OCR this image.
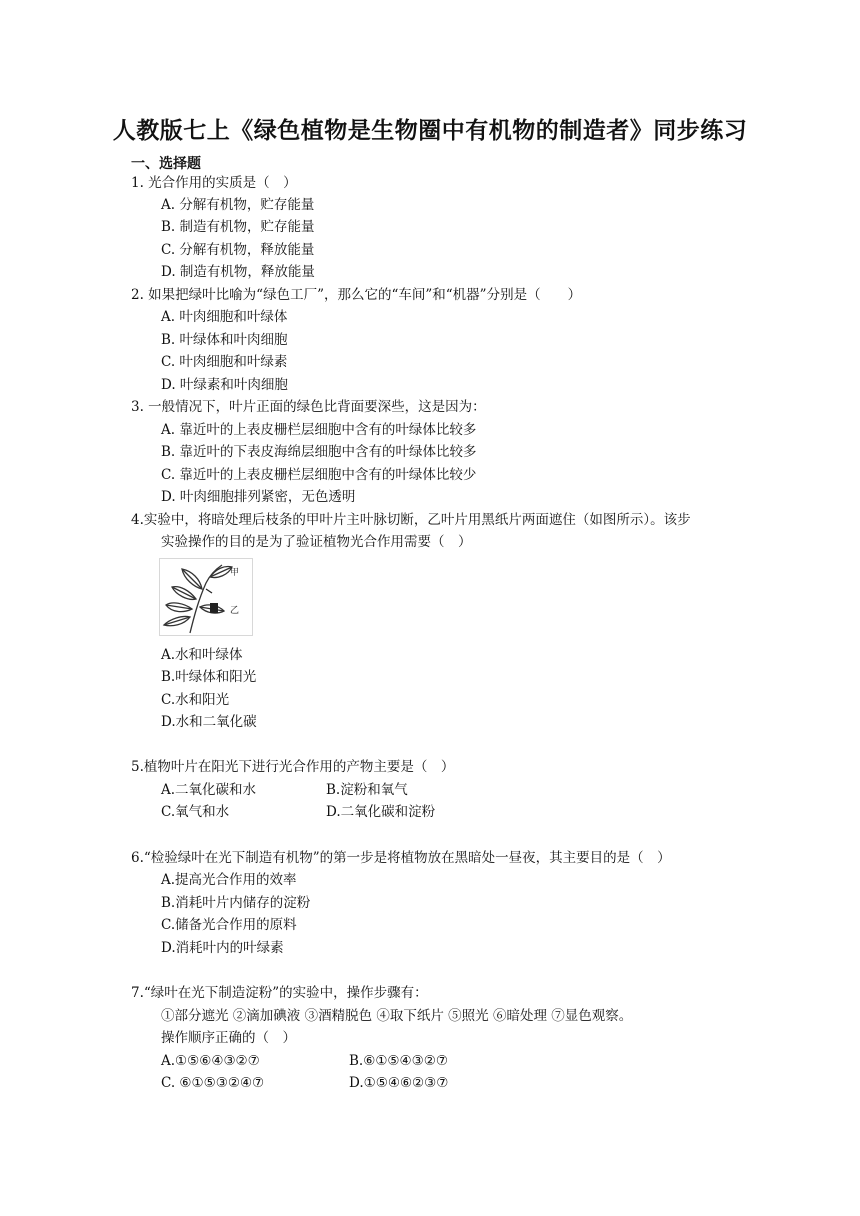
人教版七上《绿色植物是生物圈中有机物的制造者》同步练习
一、选择题
1. 光合作用的实质是（　）
A. 分解有机物，贮存能量
B. 制造有机物，贮存能量
C. 分解有机物，释放能量
D. 制造有机物，释放能量
2. 如果把绿叶比喻为“绿色工厂”，那么它的“车间”和“机器”分别是（　　）
A. 叶肉细胞和叶绿体
B. 叶绿体和叶肉细胞
C. 叶肉细胞和叶绿素
D. 叶绿素和叶肉细胞
3. 一般情况下，叶片正面的绿色比背面要深些，这是因为：
A. 靠近叶的上表皮栅栏层细胞中含有的叶绿体比较多
B. 靠近叶的下表皮海绵层细胞中含有的叶绿体比较多
C. 靠近叶的上表皮栅栏层细胞中含有的叶绿体比较少
D. 叶肉细胞排列紧密，无色透明
4.实验中，将暗处理后枝条的甲叶片主叶脉切断，乙叶片用黑纸片两面遮住（如图所示）。该步
实验操作的目的是为了验证植物光合作用需要（　）
甲
乙
A.水和叶绿体
B.叶绿体和阳光
C.水和阳光
D.水和二氧化碳
5.植物叶片在阳光下进行光合作用的产物主要是（　）
A.二氧化碳和水	B.淀粉和氧气
C.氧气和水	D.二氧化碳和淀粉
6.“检验绿叶在光下制造有机物”的第一步是将植物放在黑暗处一昼夜，其主要目的是（　）
A.提高光合作用的效率
B.消耗叶片内储存的淀粉
C.储备光合作用的原料
D.消耗叶内的叶绿素
7.“绿叶在光下制造淀粉”的实验中，操作步骤有：
①部分遮光 ②滴加碘液 ③酒精脱色 ④取下纸片 ⑤照光 ⑥暗处理 ⑦显色观察。
操作顺序正确的（　）
A.①⑤⑥④③②⑦	B.⑥①⑤④③②⑦
C. ⑥①⑤③②④⑦	D.①⑤④⑥②③⑦
